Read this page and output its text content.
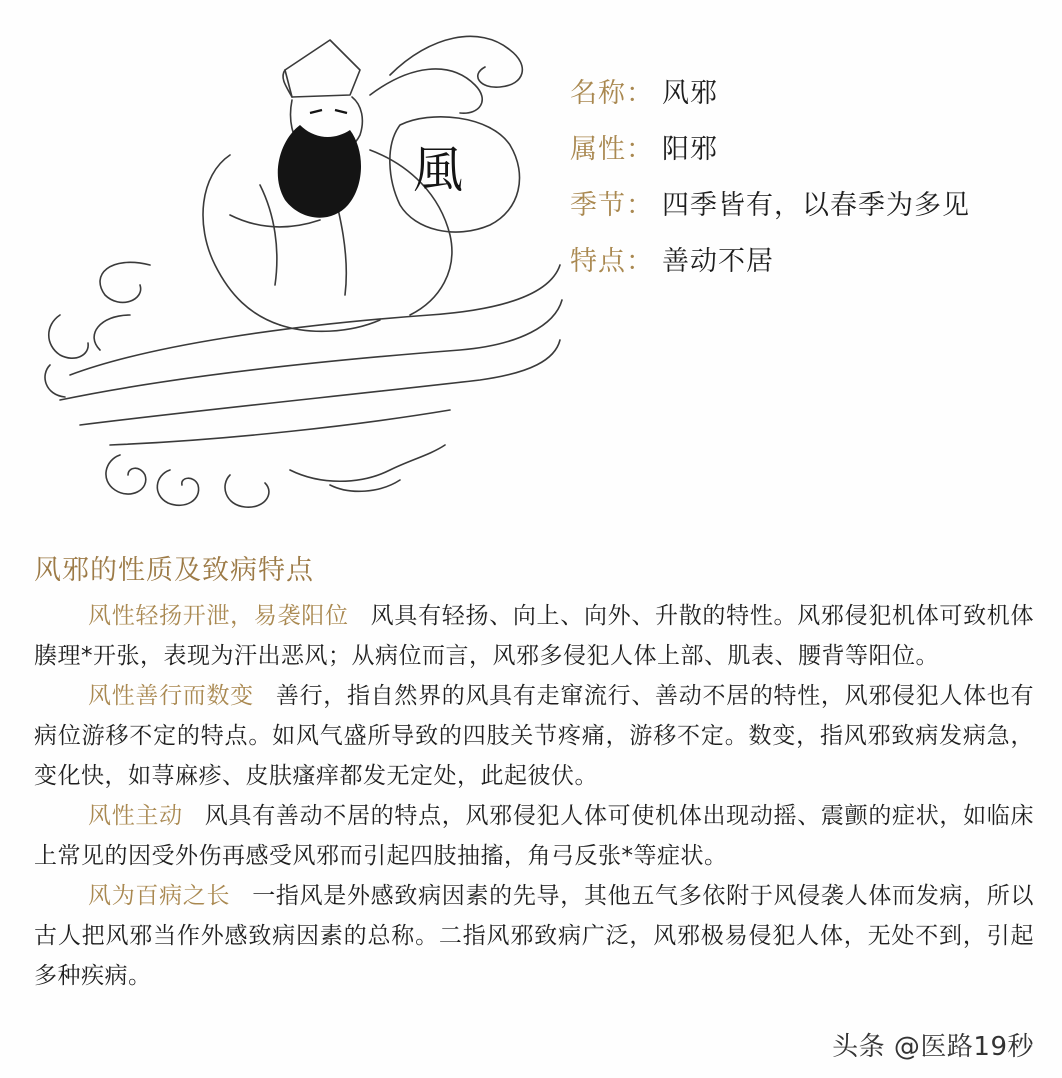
風
名称： 风邪
属性： 阳邪
季节： 四季皆有，以春季为多见
特点： 善动不居
风邪的性质及致病特点

风性轻扬开泄，易袭阳位 风具有轻扬、向上、向外、升散的特性。风邪侵犯机体可致机体腠理*开张，表现为汗出恶风；从病位而言，风邪多侵犯人体上部、肌表、腰背等阳位。

风性善行而数变 善行，指自然界的风具有走窜流行、善动不居的特性，风邪侵犯人体也有病位游移不定的特点。如风气盛所导致的四肢关节疼痛，游移不定。数变，指风邪致病发病急，变化快，如荨麻疹、皮肤瘙痒都发无定处，此起彼伏。

风性主动 风具有善动不居的特点，风邪侵犯人体可使机体出现动摇、震颤的症状，如临床上常见的因受外伤再感受风邪而引起四肢抽搐，角弓反张*等症状。

风为百病之长 一指风是外感致病因素的先导，其他五气多依附于风侵袭人体而发病，所以古人把风邪当作外感致病因素的总称。二指风邪致病广泛，风邪极易侵犯人体，无处不到，引起多种疾病。

头条 @医路19秒
